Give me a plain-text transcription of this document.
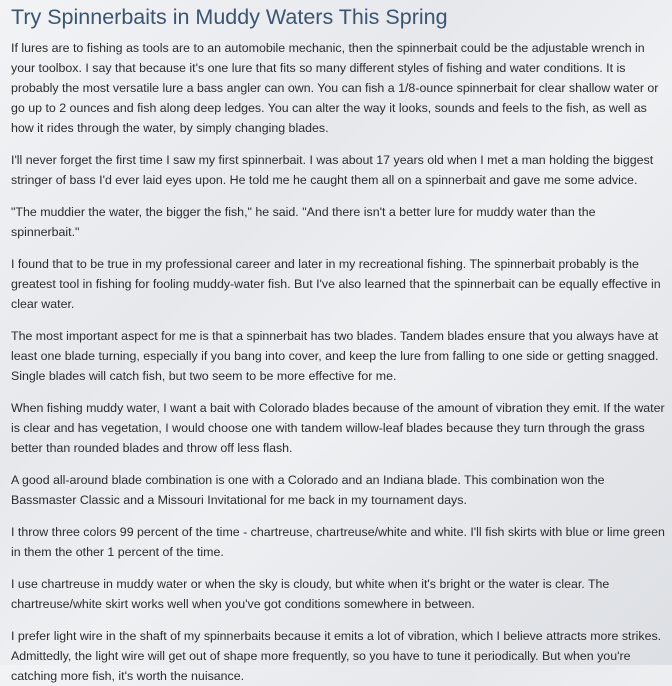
Try Spinnerbaits in Muddy Waters This Spring

If lures are to fishing as tools are to an automobile mechanic, then the spinnerbait could be the adjustable wrench in your toolbox. I say that because it's one lure that fits so many different styles of fishing and water conditions. It is probably the most versatile lure a bass angler can own. You can fish a 1/8-ounce spinnerbait for clear shallow water or go up to 2 ounces and fish along deep ledges. You can alter the way it looks, sounds and feels to the fish, as well as how it rides through the water, by simply changing blades.

I'll never forget the first time I saw my first spinnerbait. I was about 17 years old when I met a man holding the biggest stringer of bass I'd ever laid eyes upon. He told me he caught them all on a spinnerbait and gave me some advice.

"The muddier the water, the bigger the fish," he said. "And there isn't a better lure for muddy water than the spinnerbait."

I found that to be true in my professional career and later in my recreational fishing. The spinnerbait probably is the greatest tool in fishing for fooling muddy-water fish. But I've also learned that the spinnerbait can be equally effective in clear water.

The most important aspect for me is that a spinnerbait has two blades. Tandem blades ensure that you always have at least one blade turning, especially if you bang into cover, and keep the lure from falling to one side or getting snagged. Single blades will catch fish, but two seem to be more effective for me.

When fishing muddy water, I want a bait with Colorado blades because of the amount of vibration they emit. If the water is clear and has vegetation, I would choose one with tandem willow-leaf blades because they turn through the grass better than rounded blades and throw off less flash.

A good all-around blade combination is one with a Colorado and an Indiana blade. This combination won the Bassmaster Classic and a Missouri Invitational for me back in my tournament days.

I throw three colors 99 percent of the time - chartreuse, chartreuse/white and white. I'll fish skirts with blue or lime green in them the other 1 percent of the time.

I use chartreuse in muddy water or when the sky is cloudy, but white when it's bright or the water is clear. The chartreuse/white skirt works well when you've got conditions somewhere in between.

I prefer light wire in the shaft of my spinnerbaits because it emits a lot of vibration, which I believe attracts more strikes. Admittedly, the light wire will get out of shape more frequently, so you have to tune it periodically. But when you're catching more fish, it's worth the nuisance.
